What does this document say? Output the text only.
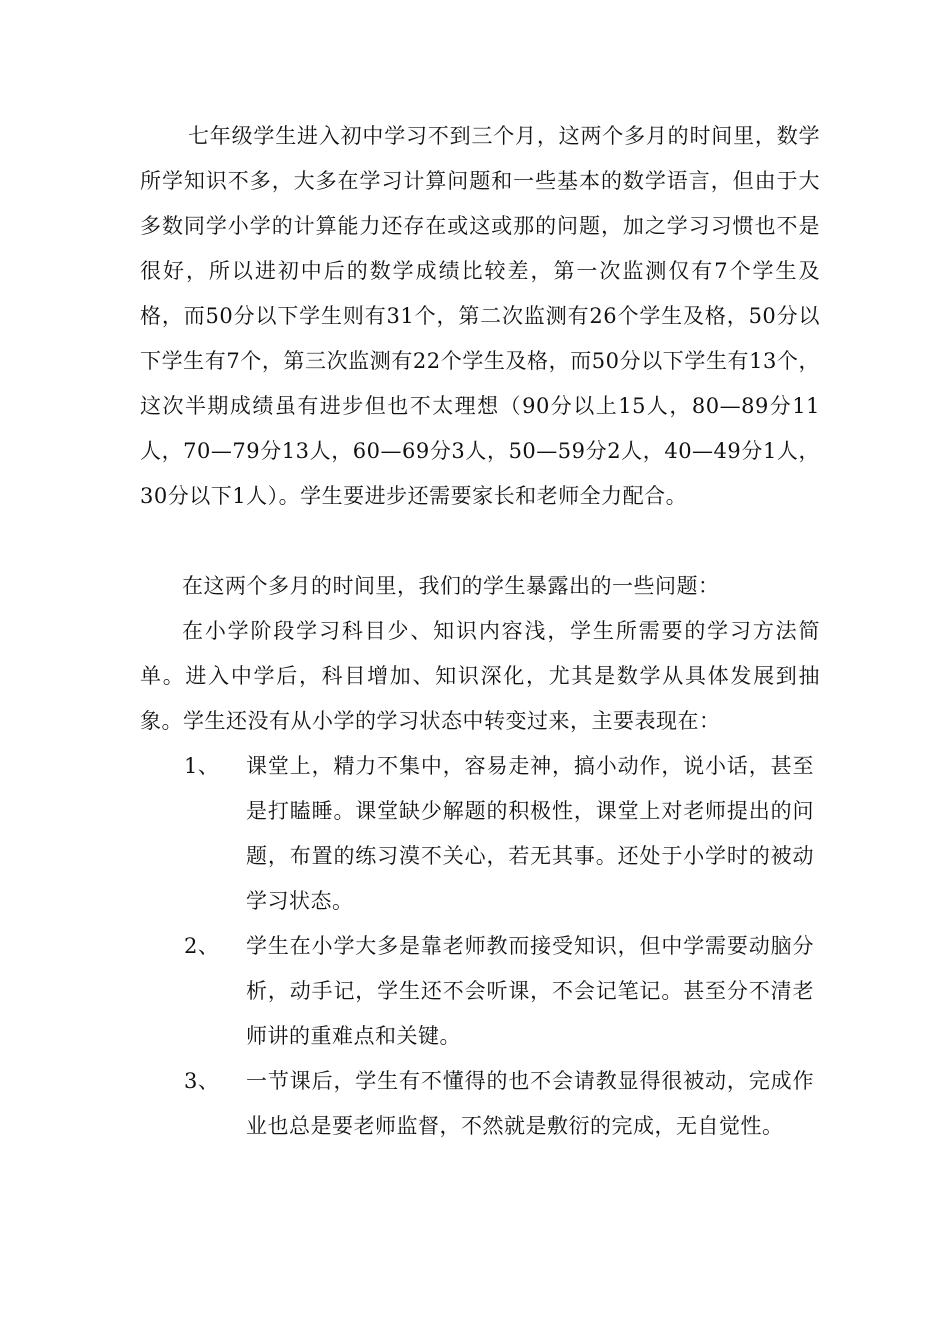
七年级学生进入初中学习不到三个月，这两个多月的时间里，数学所学知识不多，大多在学习计算问题和一些基本的数学语言，但由于大多数同学小学的计算能力还存在或这或那的问题，加之学习习惯也不是很好，所以进初中后的数学成绩比较差，第一次监测仅有7个学生及格，而50分以下学生则有31个，第二次监测有26个学生及格，50分以下学生有7个，第三次监测有22个学生及格，而50分以下学生有13个，这次半期成绩虽有进步但也不太理想（90分以上15人，80—89分11人，70—79分13人，60—69分3人，50—59分2人，40—49分1人，30分以下1人）。学生要进步还需要家长和老师全力配合。

在这两个多月的时间里，我们的学生暴露出的一些问题：

在小学阶段学习科目少、知识内容浅，学生所需要的学习方法简单。进入中学后，科目增加、知识深化，尤其是数学从具体发展到抽象。学生还没有从小学的学习状态中转变过来，主要表现在：

1、 课堂上，精力不集中，容易走神，搞小动作，说小话，甚至是打瞌睡。课堂缺少解题的积极性，课堂上对老师提出的问题，布置的练习漠不关心，若无其事。还处于小学时的被动学习状态。
2、 学生在小学大多是靠老师教而接受知识，但中学需要动脑分析，动手记，学生还不会听课，不会记笔记。甚至分不清老师讲的重难点和关键。
3、 一节课后，学生有不懂得的也不会请教显得很被动，完成作业也总是要老师监督，不然就是敷衍的完成，无自觉性。
